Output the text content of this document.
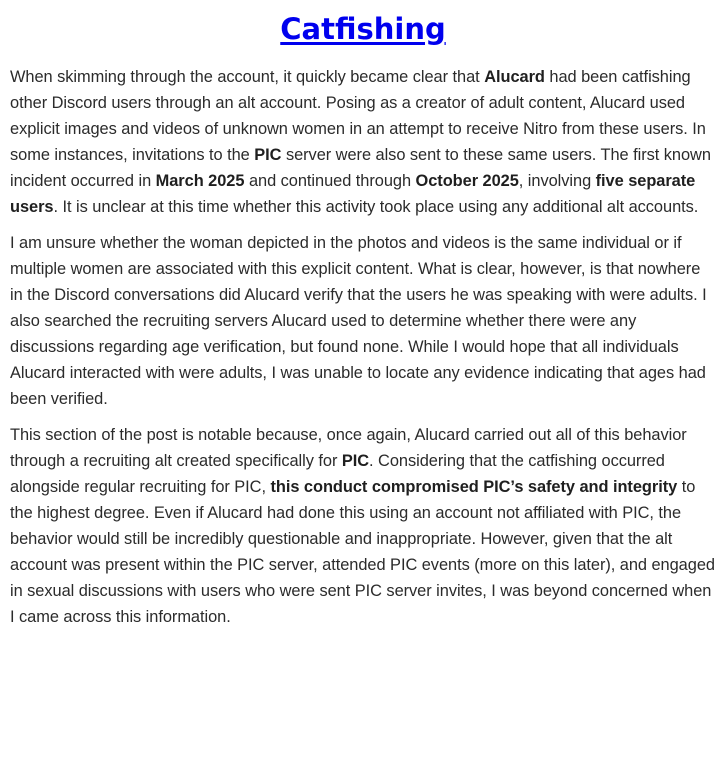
Catfishing

When skimming through the account, it quickly became clear that Alucard had been catfishing other Discord users through an alt account. Posing as a creator of adult content, Alucard used explicit images and videos of unknown women in an attempt to receive Nitro from these users. In some instances, invitations to the PIC server were also sent to these same users. The first known incident occurred in March 2025 and continued through October 2025, involving five separate users. It is unclear at this time whether this activity took place using any additional alt accounts.

I am unsure whether the woman depicted in the photos and videos is the same individual or if multiple women are associated with this explicit content. What is clear, however, is that nowhere in the Discord conversations did Alucard verify that the users he was speaking with were adults. I also searched the recruiting servers Alucard used to determine whether there were any discussions regarding age verification, but found none. While I would hope that all individuals Alucard interacted with were adults, I was unable to locate any evidence indicating that ages had been verified.

This section of the post is notable because, once again, Alucard carried out all of this behavior through a recruiting alt created specifically for PIC. Considering that the catfishing occurred alongside regular recruiting for PIC, this conduct compromised PIC’s safety and integrity to the highest degree. Even if Alucard had done this using an account not affiliated with PIC, the behavior would still be incredibly questionable and inappropriate. However, given that the alt account was present within the PIC server, attended PIC events (more on this later), and engaged in sexual discussions with users who were sent PIC server invites, I was beyond concerned when I came across this information.
